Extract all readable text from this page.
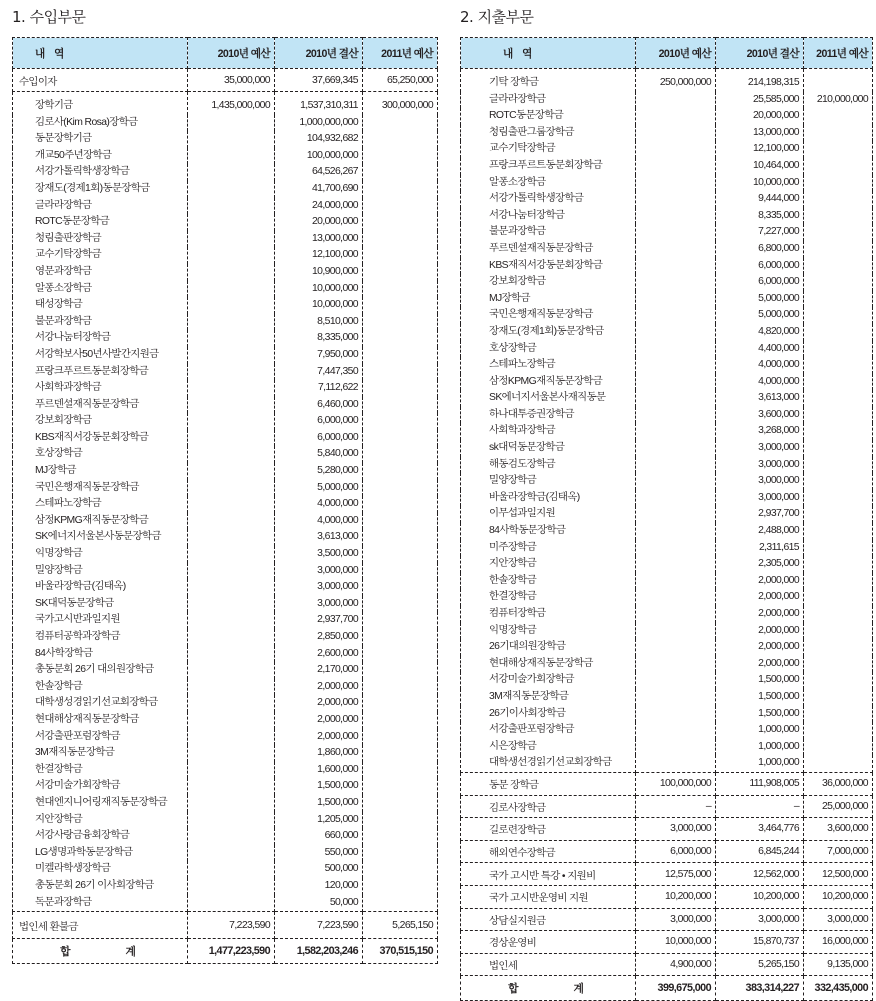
1. 수입부문
내 역	2010년 예산	2010년 결산	2011년 예산
수입이자	35,000,000	37,669,345	65,250,000
장학기금	1,435,000,000	1,537,310,311	300,000,000
김로사(Kim Rosa)장학금		1,000,000,000	
동문장학기금		104,932,682	
개교50주년장학금		100,000,000	
서강가톨릭학생장학금		64,526,267	
장재도(경제1회)동문장학금		41,700,690	
글라라장학금		24,000,000	
ROTC동문장학금		20,000,000	
청림출판장학금		13,000,000	
교수기탁장학금		12,100,000	
영문과장학금		10,900,000	
알퐁소장학금		10,000,000	
태성장학금		10,000,000	
불문과장학금		8,510,000	
서강나눔터장학금		8,335,000	
서강학보사50년사발간지원금		7,950,000	
프랑크푸르트동문회장학금		7,447,350	
사회학과장학금		7,112,622	
푸르덴셜재직동문장학금		6,460,000	
강보회장학금		6,000,000	
KBS재직서강동문회장학금		6,000,000	
호상장학금		5,840,000	
MJ장학금		5,280,000	
국민은행재직동문장학금		5,000,000	
스테파노장학금		4,000,000	
삼정KPMG재직동문장학금		4,000,000	
SK에너지서울본사동문장학금		3,613,000	
익명장학금		3,500,000	
밀양장학금		3,000,000	
바울라장학금(김태옥)		3,000,000	
SK대덕동문장학금		3,000,000	
국가고시반과일지원		2,937,700	
컴퓨터공학과장학금		2,850,000	
84사학장학금		2,600,000	
총동문회 26기 대의원장학금		2,170,000	
한솔장학금		2,000,000	
대학생성경읽기선교회장학금		2,000,000	
현대해상재직동문장학금		2,000,000	
서강출판포럼장학금		2,000,000	
3M재직동문장학금		1,860,000	
한결장학금		1,600,000	
서강미술가회장학금		1,500,000	
현대엔지니어링재직동문장학금		1,500,000	
지안장학금		1,205,000	
서강사랑금융회장학금		660,000	
LG생명과학동문장학금		550,000	
미켈라학생장학금		500,000	
총동문회 26기 이사회장학금		120,000	
독문과장학금		50,000	
법인세 환불금	7,223,590	7,223,590	5,265,150
합 계	1,477,223,590	1,582,203,246	370,515,150
2. 지출부문
내 역	2010년 예산	2010년 결산	2011년 예산
기탁 장학금	250,000,000	214,198,315	
글라라장학금		25,585,000	210,000,000
ROTC동문장학금		20,000,000	
청림출판그룹장학금		13,000,000	
교수기탁장학금		12,100,000	
프랑크푸르트동문회장학금		10,464,000	
알퐁소장학금		10,000,000	
서강가톨릭학생장학금		9,444,000	
서강나눔터장학금		8,335,000	
불문과장학금		7,227,000	
푸르덴셜재직동문장학금		6,800,000	
KBS재직서강동문회장학금		6,000,000	
강보회장학금		6,000,000	
MJ장학금		5,000,000	
국민은행재직동문장학금		5,000,000	
장재도(경제1회)동문장학금		4,820,000	
호상장학금		4,400,000	
스테파노장학금		4,000,000	
삼정KPMG재직동문장학금		4,000,000	
SK에너지서울본사재직동문		3,613,000	
하나대투증권장학금		3,600,000	
사회학과장학금		3,268,000	
sk대덕동문장학금		3,000,000	
해동검도장학금		3,000,000	
밀양장학금		3,000,000	
바울라장학금(김태옥)		3,000,000	
이무섭과일지원		2,937,700	
84사학동문장학금		2,488,000	
미주장학금		2,311,615	
지안장학금		2,305,000	
한솔장학금		2,000,000	
한결장학금		2,000,000	
컴퓨터장학금		2,000,000	
익명장학금		2,000,000	
26기대의원장학금		2,000,000	
현대해상재직동문장학금		2,000,000	
서강미술가회장학금		1,500,000	
3M재직동문장학금		1,500,000	
26기이사회장학금		1,500,000	
서강출판포럼장학금		1,000,000	
시은장학금		1,000,000	
대학생선경읽기선교회장학금		1,000,000	
동문 장학금	100,000,000	111,908,005	36,000,000
김로사장학금	–	–	25,000,000
길로련장학금	3,000,000	3,464,776	3,600,000
해외연수장학금	6,000,000	6,845,244	7,000,000
국가 고시반 특강 • 지원비	12,575,000	12,562,000	12,500,000
국가 고시반운영비 지원	10,200,000	10,200,000	10,200,000
상담실지원금	3,000,000	3,000,000	3,000,000
경상운영비	10,000,000	15,870,737	16,000,000
법인세	4,900,000	5,265,150	9,135,000
합 계	399,675,000	383,314,227	332,435,000
